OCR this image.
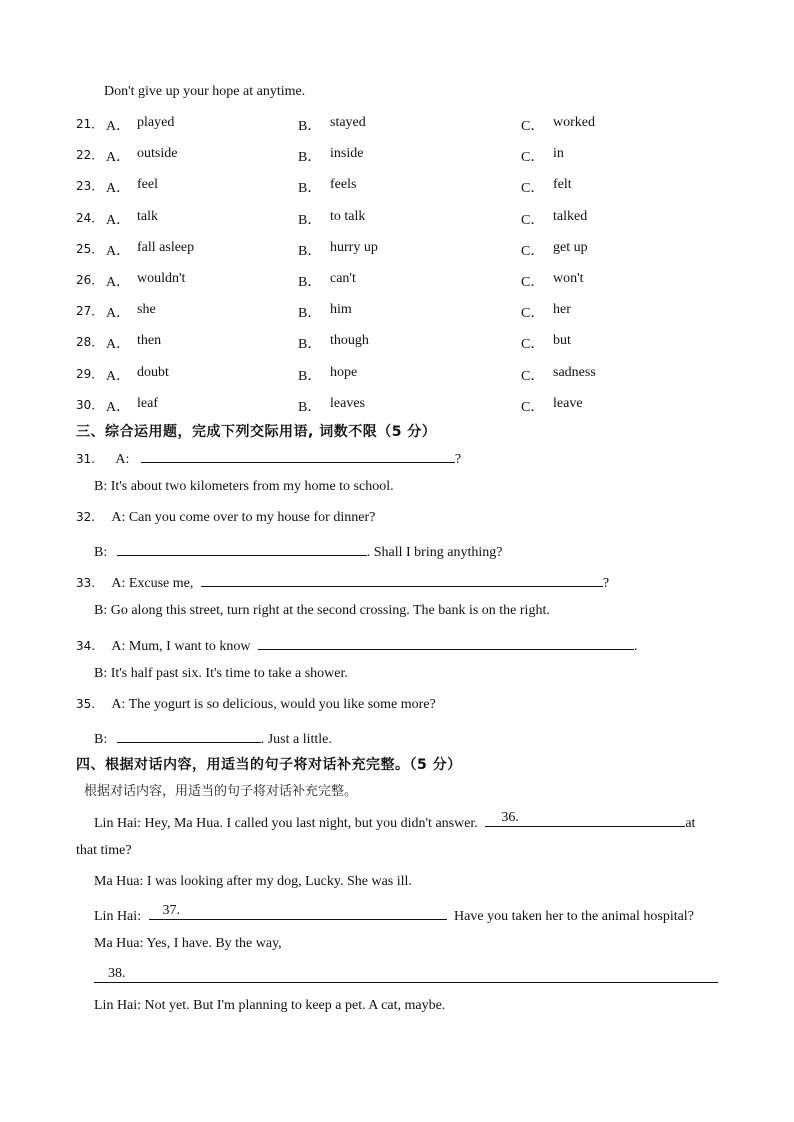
Don't give up your hope at anytime.
21． A． played	B． stayed	C． worked
22． A． outside	B． inside	C． in
23． A． feel	B． feels	C． felt
24． A． talk	B． to talk	C． talked
25． A． fall asleep	B． hurry up	C． get up
26． A． wouldn't	B． can't	C． won't
27． A． she	B． him	C． her
28． A． then	B． though	C． but
29． A． doubt	B． hope	C． sadness
30． A． leaf	B． leaves	C． leave
三、综合运用题，完成下列交际用语, 词数不限（5 分）
31. A:	?
B: It's about two kilometers from my home to school.
32. A: Can you come over to my house for dinner?
B:	. Shall I bring anything?
33. A: Excuse me,	?
B: Go along this street, turn right at the second crossing. The bank is on the right.
34. A: Mum, I want to know	.
B: It's half past six. It's time to take a shower.
35. A: The yogurt is so delicious, would you like some more?
B:	. Just a little.
四、根据对话内容，用适当的句子将对话补充完整。（5 分）
根据对话内容，用适当的句子将对话补充完整。
Lin Hai: Hey, Ma Hua. I called you last night, but you didn't answer. 36.	at
that time?
Ma Hua: I was looking after my dog, Lucky. She was ill.
Lin Hai: 37.	Have you taken her to the animal hospital?
Ma Hua: Yes, I have. By the way,
38.
Lin Hai: Not yet. But I'm planning to keep a pet. A cat, maybe.
